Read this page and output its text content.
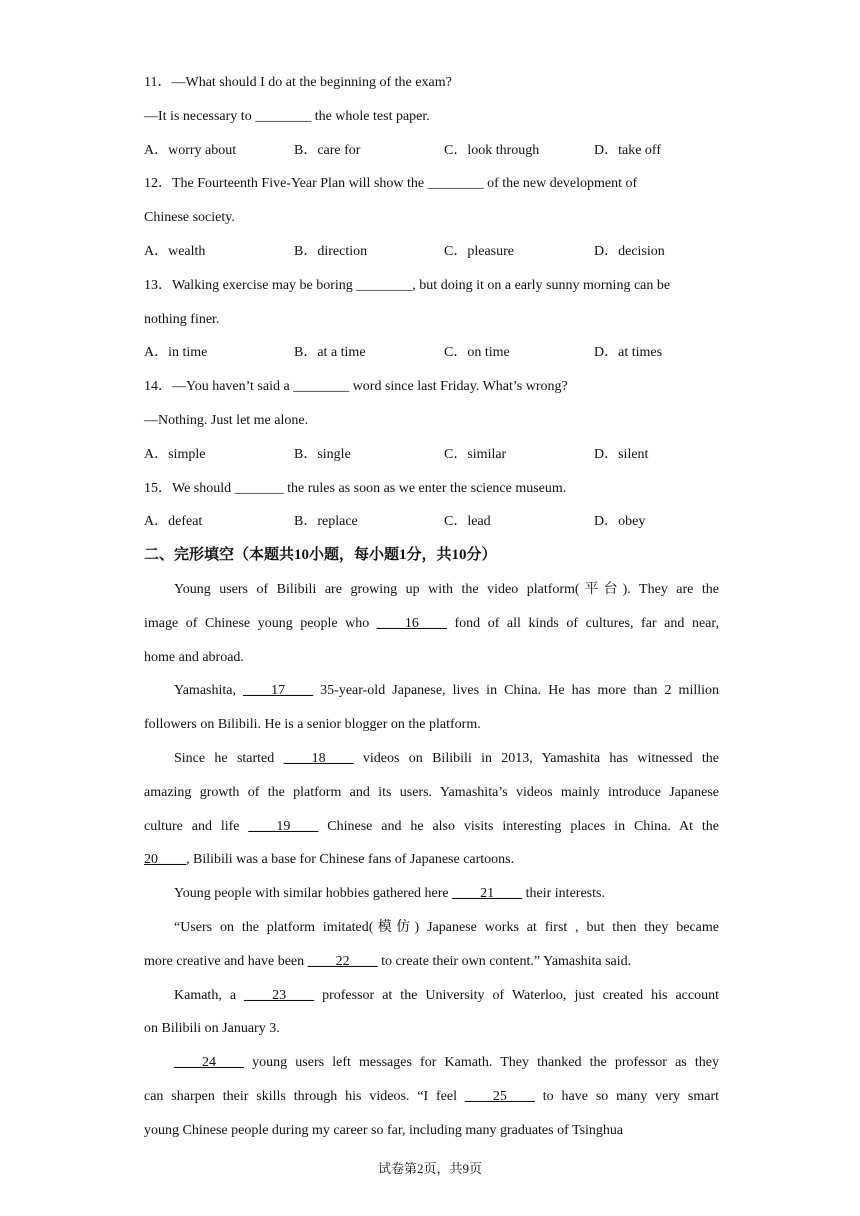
11．—What should I do at the beginning of the exam?
—It is necessary to ________ the whole test paper.
A．worry about	B．care for	C．look through	D．take off
12．The Fourteenth Five-Year Plan will show the ________ of the new development of
Chinese society.
A．wealth	B．direction	C．pleasure	D．decision
13．Walking exercise may be boring ________, but doing it on a early sunny morning can be
nothing finer.
A．in time	B．at a time	C．on time	D．at times
14．—You haven’t said a ________ word since last Friday. What’s wrong?
—Nothing. Just let me alone.
A．simple	B．single	C．similar	D．silent
15．We should _______ the rules as soon as we enter the science museum.
A．defeat	B．replace	C．lead	D．obey
二、完形填空（本题共10小题，每小题1分，共10分）
Young users of Bilibili are growing up with the video platform(平台). They are the
image of Chinese young people who ____16____ fond of all kinds of cultures, far and near,
home and abroad.
Yamashita, ____17____ 35-year-old Japanese, lives in China. He has more than 2 million
followers on Bilibili. He is a senior blogger on the platform.
Since he started ____18____ videos on Bilibili in 2013, Yamashita has witnessed the
amazing growth of the platform and its users. Yamashita’s videos mainly introduce Japanese
culture and life ____19____ Chinese and he also visits interesting places in China. At the
20____, Bilibili was a base for Chinese fans of Japanese cartoons.
Young people with similar hobbies gathered here ____21____ their interests.
“Users on the platform imitated(模仿) Japanese works at first , but then they became
more creative and have been ____22____ to create their own content.” Yamashita said.
Kamath, a ____23____ professor at the University of Waterloo, just created his account
on Bilibili on January 3.
____24____ young users left messages for Kamath. They thanked the professor as they
can sharpen their skills through his videos. “I feel ____25____ to have so many very smart
young Chinese people during my career so far, including many graduates of Tsinghua
试卷第2页，共9页
